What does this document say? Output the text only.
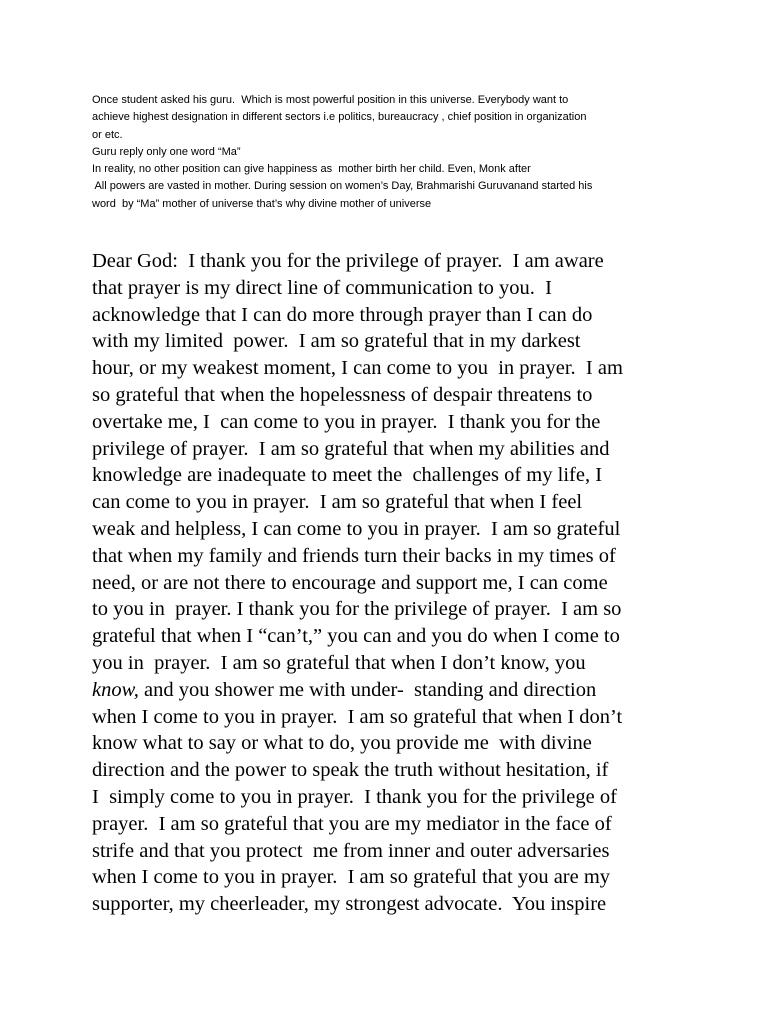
Once student asked his guru.  Which is most powerful position in this universe. Everybody want to
achieve highest designation in different sectors i.e politics, bureaucracy , chief position in organization
or etc.
Guru reply only one word “Ma”
In reality, no other position can give happiness as  mother birth her child. Even, Monk after
All powers are vasted in mother. During session on women’s Day, Brahmarishi Guruvanand started his
word  by “Ma” mother of universe that’s why divine mother of universe
Dear God:  I thank you for the privilege of prayer.  I am aware
that prayer is my direct line of communication to you.  I
acknowledge that I can do more through prayer than I can do
with my limited  power.  I am so grateful that in my darkest
hour, or my weakest moment, I can come to you  in prayer.  I am
so grateful that when the hopelessness of despair threatens to
overtake me, I  can come to you in prayer.  I thank you for the
privilege of prayer.  I am so grateful that when my abilities and
knowledge are inadequate to meet the  challenges of my life, I
can come to you in prayer.  I am so grateful that when I feel
weak and helpless, I can come to you in prayer.  I am so grateful
that when my family and friends turn their backs in my times of
need, or are not there to encourage and support me, I can come
to you in  prayer. I thank you for the privilege of prayer.  I am so
grateful that when I “can’t,” you can and you do when I come to
you in  prayer.  I am so grateful that when I don’t know, you
know, and you shower me with under-  standing and direction
when I come to you in prayer.  I am so grateful that when I don’t
know what to say or what to do, you provide me  with divine
direction and the power to speak the truth without hesitation, if
I  simply come to you in prayer.  I thank you for the privilege of
prayer.  I am so grateful that you are my mediator in the face of
strife and that you protect  me from inner and outer adversaries
when I come to you in prayer.  I am so grateful that you are my
supporter, my cheerleader, my strongest advocate.  You inspire
